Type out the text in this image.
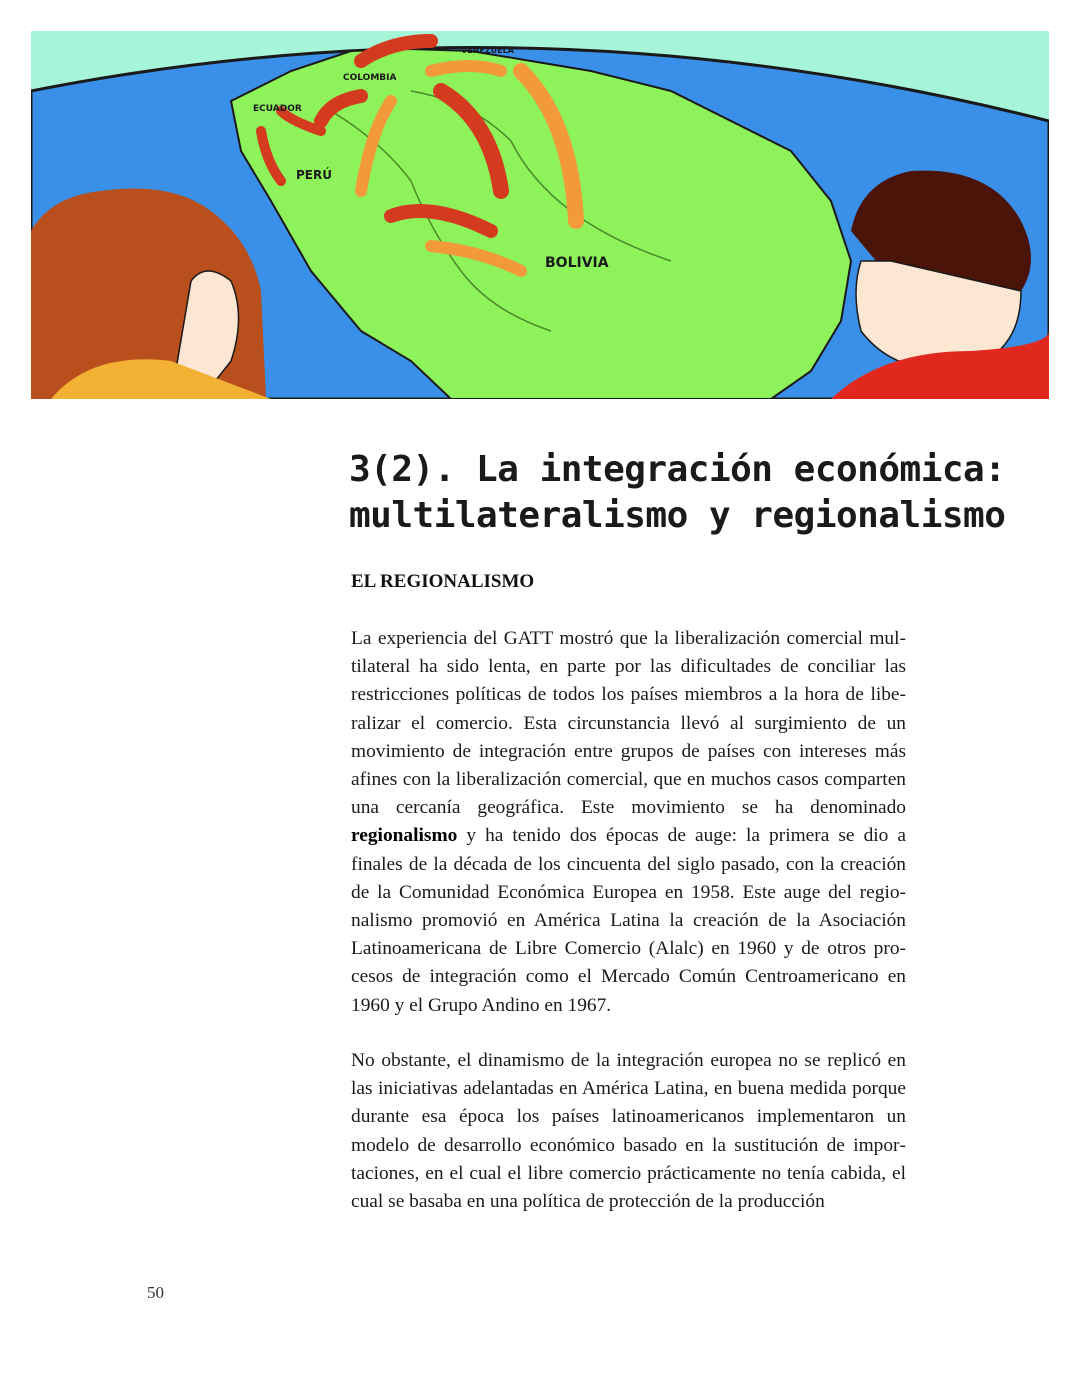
VENEZUELA
COLOMBIA
ECUADOR
PERÚ
BOLIVIA
3(2). La integración económica:
multilateralismo y regionalismo
EL REGIONALISMO

La experiencia del GATT mostró que la liberalización comercial multilateral ha sido lenta, en parte por las dificultades de conciliar las restricciones políticas de todos los países miembros a la hora de liberalizar el comercio. Esta circunstancia llevó al surgimiento de un movimiento de integración entre grupos de países con intereses más afines con la liberalización comercial, que en muchos casos comparten una cercanía geográfica. Este movimiento se ha denominado regionalismo y ha tenido dos épocas de auge: la primera se dio a finales de la década de los cincuenta del siglo pasado, con la creación de la Comunidad Económica Europea en 1958. Este auge del regionalismo promovió en América Latina la creación de la Asociación Latinoamericana de Libre Comercio (Alalc) en 1960 y de otros procesos de integración como el Mercado Común Centroamericano en 1960 y el Grupo Andino en 1967.

No obstante, el dinamismo de la integración europea no se replicó en las iniciativas adelantadas en América Latina, en buena medida porque durante esa época los países latinoamericanos implementaron un modelo de desarrollo económico basado en la sustitución de importaciones, en el cual el libre comercio prácticamente no tenía cabida, el cual se basaba en una política de protección de la producción

50
